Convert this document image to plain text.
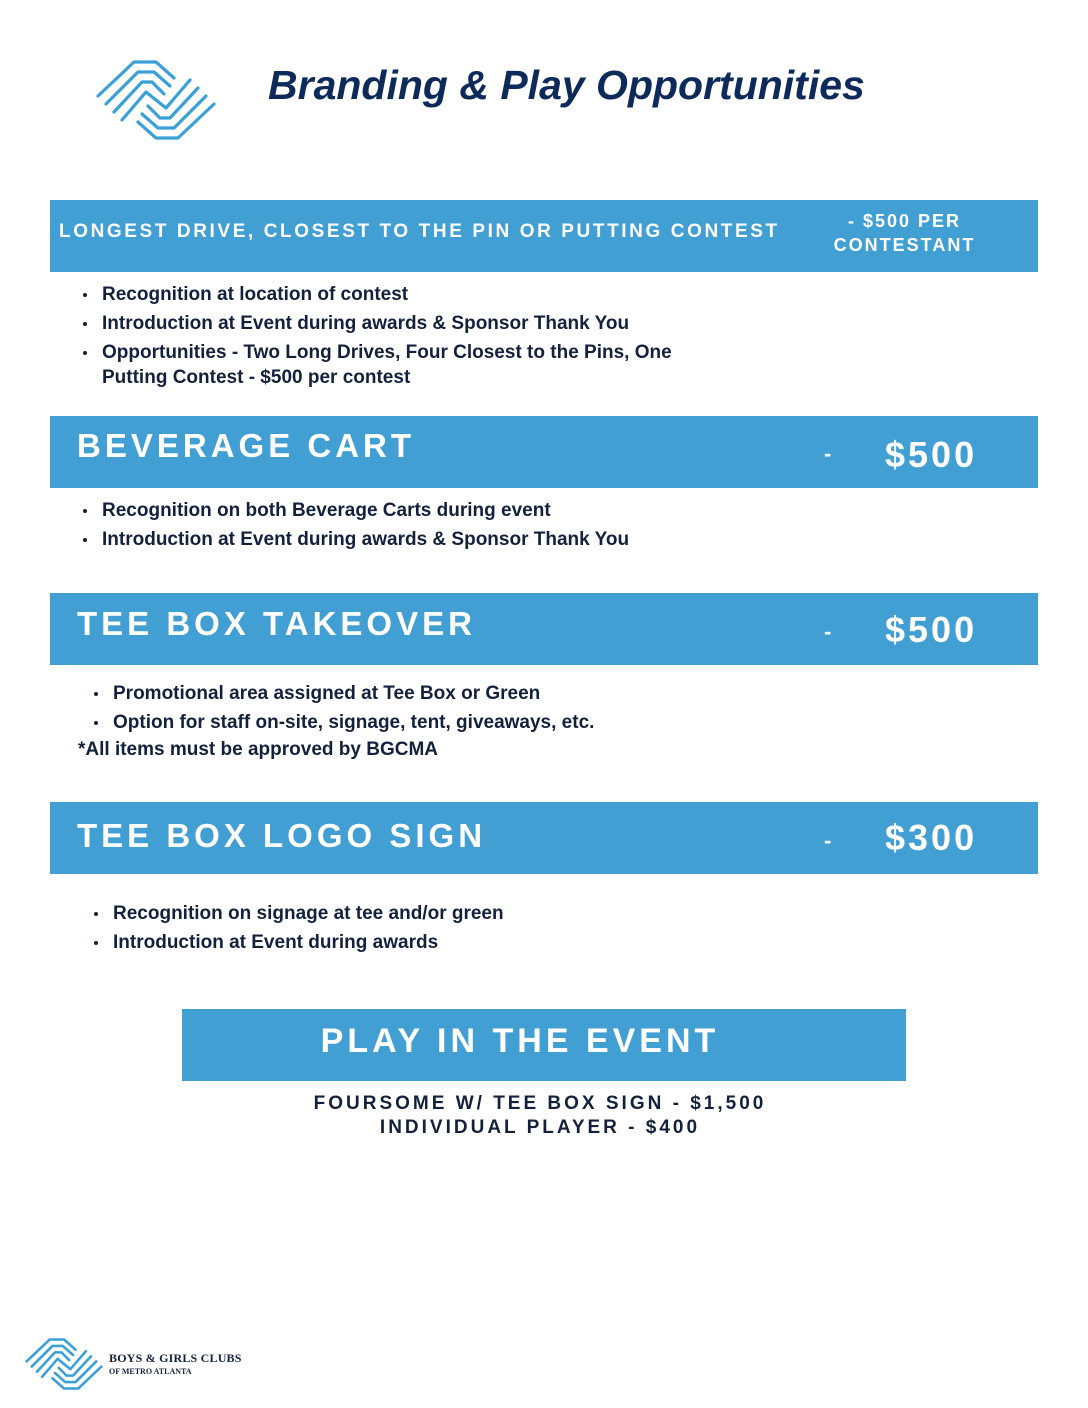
Branding & Play Opportunities
LONGEST DRIVE, CLOSEST TO THE PIN OR PUTTING CONTEST	- $500 PER
CONTESTANT
Recognition at location of contest
Introduction at Event during awards & Sponsor Thank You
Opportunities - Two Long Drives, Four Closest to the Pins, One
Putting Contest - $500 per contest
BEVERAGE CART	- $500
Recognition on both Beverage Carts during event
Introduction at Event during awards & Sponsor Thank You
TEE BOX TAKEOVER	- $500
Promotional area assigned at Tee Box or Green
Option for staff on-site, signage, tent, giveaways, etc.
*All items must be approved by BGCMA
TEE BOX LOGO SIGN	- $300
Recognition on signage at tee and/or green
Introduction at Event during awards
PLAY IN THE EVENT
FOURSOME W/ TEE BOX SIGN - $1,500
INDIVIDUAL PLAYER - $400
BOYS & GIRLS CLUBS
OF METRO ATLANTA
